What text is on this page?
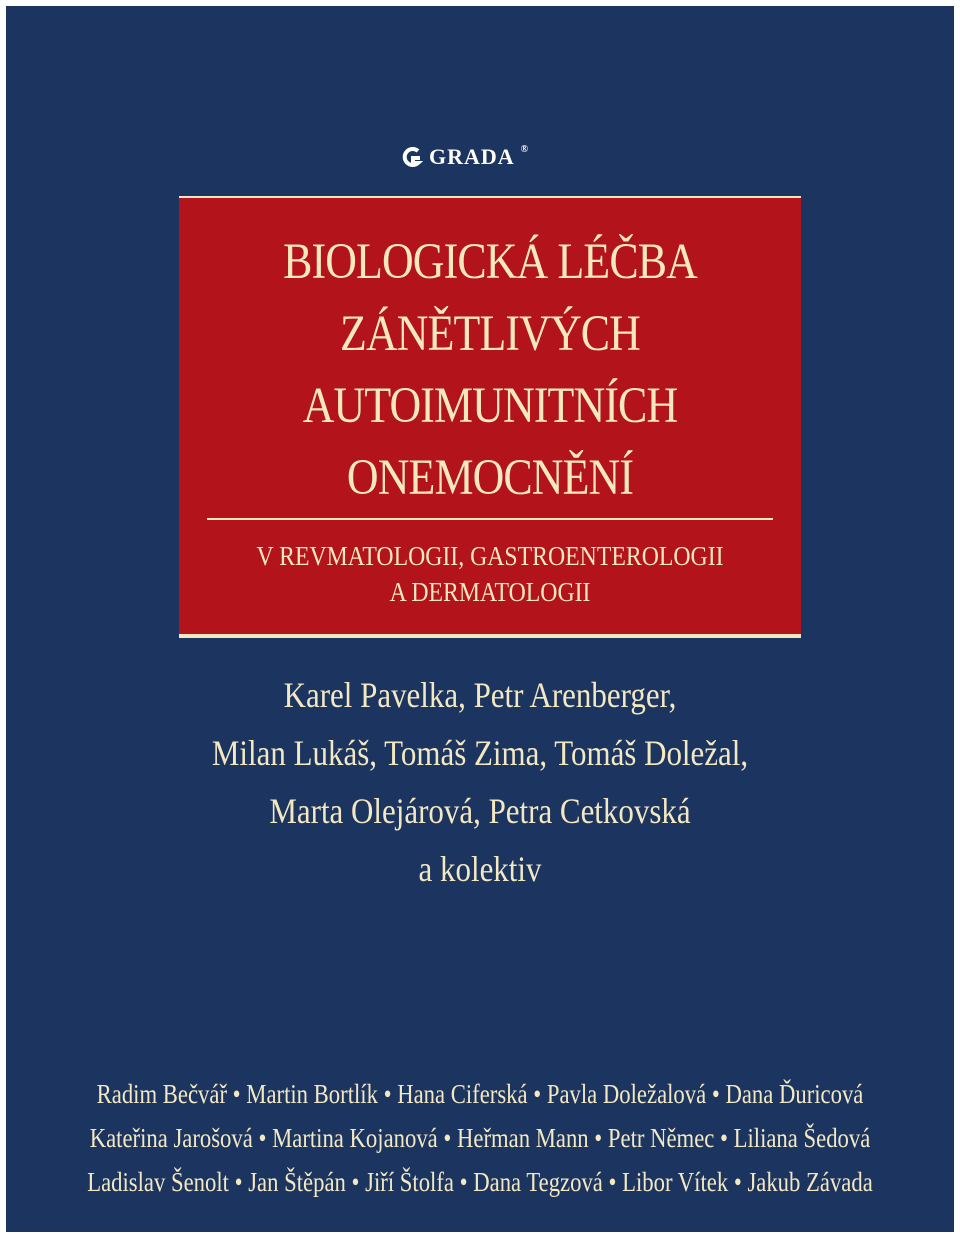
GRADA ®
BIOLOGICKÁ LÉČBA
ZÁNĚTLIVÝCH
AUTOIMUNITNÍCH
ONEMOCNĚNÍ
V REVMATOLOGII, GASTROENTEROLOGII
A DERMATOLOGII
Karel Pavelka, Petr Arenberger,
Milan Lukáš, Tomáš Zima, Tomáš Doležal,
Marta Olejárová, Petra Cetkovská
a kolektiv
Radim Bečvář • Martin Bortlík • Hana Ciferská • Pavla Doležalová • Dana Ďuricová
Kateřina Jarošová • Martina Kojanová • Heřman Mann • Petr Němec • Liliana Šedová
Ladislav Šenolt • Jan Štěpán • Jiří Štolfa • Dana Tegzová • Libor Vítek • Jakub Závada
